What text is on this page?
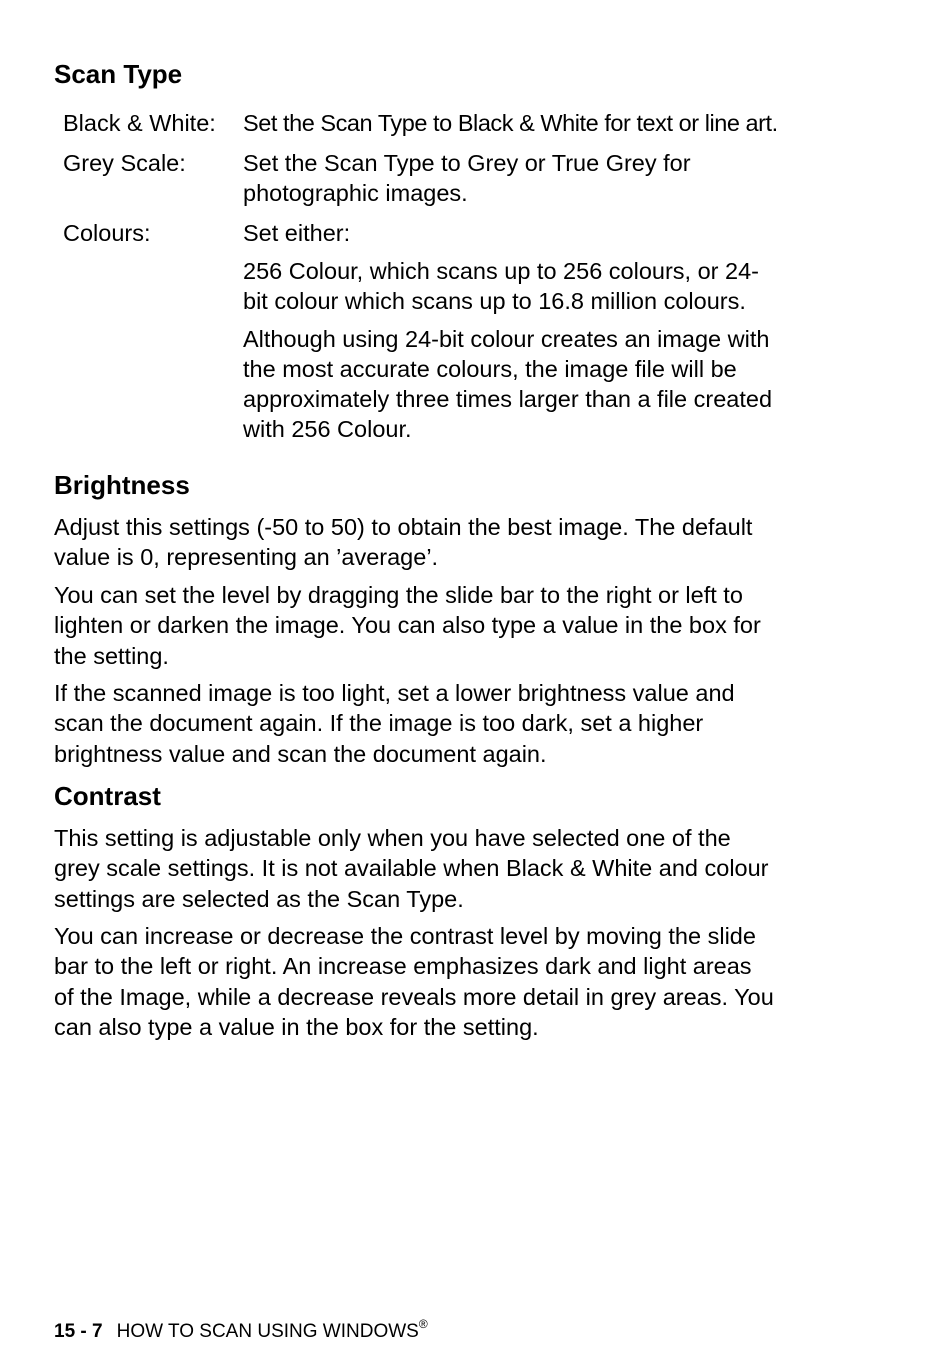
Scan Type
Black & White: Set the Scan Type to Black & White for text or line art.
Grey Scale: Set the Scan Type to Grey or True Grey for
photographic images.
Colours:	Set either:
256 Colour, which scans up to 256 colours, or 24-
bit colour which scans up to 16.8 million colours.
Although using 24-bit colour creates an image with
the most accurate colours, the image file will be
approximately three times larger than a file created
with 256 Colour.
Brightness

Adjust this settings (-50 to 50) to obtain the best image. The default
value is 0, representing an ’average’.

You can set the level by dragging the slide bar to the right or left to
lighten or darken the image. You can also type a value in the box for
the setting.

If the scanned image is too light, set a lower brightness value and
scan the document again. If the image is too dark, set a higher
brightness value and scan the document again.

Contrast

This setting is adjustable only when you have selected one of the
grey scale settings. It is not available when Black & White and colour
settings are selected as the Scan Type.

You can increase or decrease the contrast level by moving the slide
bar to the left or right. An increase emphasizes dark and light areas
of the Image, while a decrease reveals more detail in grey areas. You
can also type a value in the box for the setting.

15 - 7 HOW TO SCAN USING WINDOWS®
